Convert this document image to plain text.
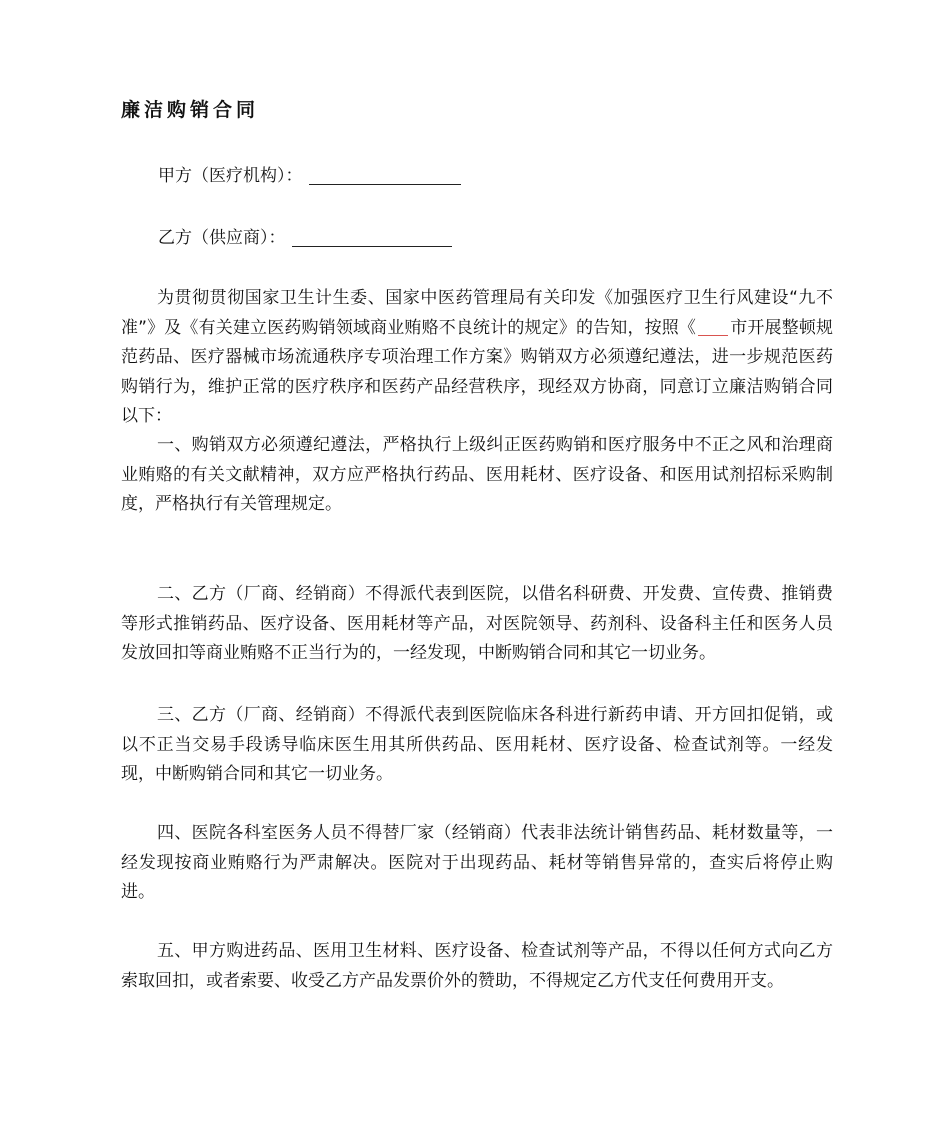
廉洁购销合同
甲方（医疗机构）：
乙方（供应商）：

为贯彻贯彻国家卫生计生委、国家中医药管理局有关印发《加强医疗卫生行风建设“九不准”》及《有关建立医药购销领域商业贿赂不良统计的规定》的告知，按照《 市开展整顿规范药品、医疗器械市场流通秩序专项治理工作方案》购销双方必须遵纪遵法，进一步规范医药购销行为，维护正常的医疗秩序和医药产品经营秩序，现经双方协商，同意订立廉洁购销合同以下：

一、购销双方必须遵纪遵法，严格执行上级纠正医药购销和医疗服务中不正之风和治理商业贿赂的有关文献精神，双方应严格执行药品、医用耗材、医疗设备、和医用试剂招标采购制度，严格执行有关管理规定。

二、乙方（厂商、经销商）不得派代表到医院，以借名科研费、开发费、宣传费、推销费等形式推销药品、医疗设备、医用耗材等产品，对医院领导、药剂科、设备科主任和医务人员发放回扣等商业贿赂不正当行为的，一经发现，中断购销合同和其它一切业务。

三、乙方（厂商、经销商）不得派代表到医院临床各科进行新药申请、开方回扣促销，或以不正当交易手段诱导临床医生用其所供药品、医用耗材、医疗设备、检查试剂等。一经发现，中断购销合同和其它一切业务。

四、医院各科室医务人员不得替厂家（经销商）代表非法统计销售药品、耗材数量等，一经发现按商业贿赂行为严肃解决。医院对于出现药品、耗材等销售异常的，查实后将停止购进。

五、甲方购进药品、医用卫生材料、医疗设备、检查试剂等产品，不得以任何方式向乙方索取回扣，或者索要、收受乙方产品发票价外的赞助，不得规定乙方代支任何费用开支。
